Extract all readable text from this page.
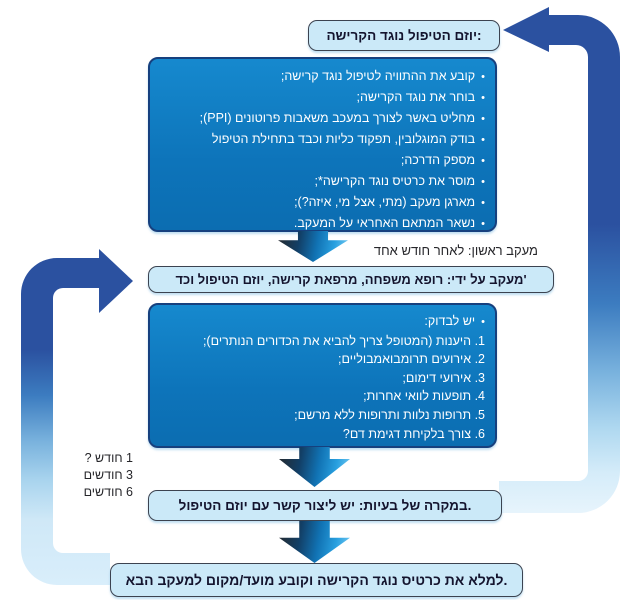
יוזם הטיפול נוגד הקרישה:
•
קובע את ההתוויה לטיפול נוגד קרישה;
•
בוחר את נוגד הקרישה;
•
מחליט באשר לצורך במעכב משאבות פרוטונים (PPI);
•
בודק המוגלובין, תפקוד כליות וכבד בתחילת הטיפול
•
מספק הדרכה;
•
מוסר את כרטיס נוגד הקרישה*;
•
מארגן מעקב (מתי, אצל מי, איזה?);
•
נשאר המתאם האחראי על המעקב.
מעקב ראשון: לאחר חודש אחד
מעקב על ידי: רופא משפחה, מרפאת קרישה, יוזם הטיפול וכד'
•
יש לבדוק:
1. היענות (המטופל צריך להביא את הכדורים הנותרים);
2. אירועים תרומבואמבוליים;
3. אירועי דימום;
4. תופעות לוואי אחרות;
5. תרופות נלוות ותרופות ללא מרשם;
6. צורך בלקיחת דגימת דם?
1 חודש ?
3 חודשים
6 חודשים
במקרה של בעיות: יש ליצור קשר עם יוזם הטיפול.
למלא את כרטיס נוגד הקרישה וקובע מועד/מקום למעקב הבא.
